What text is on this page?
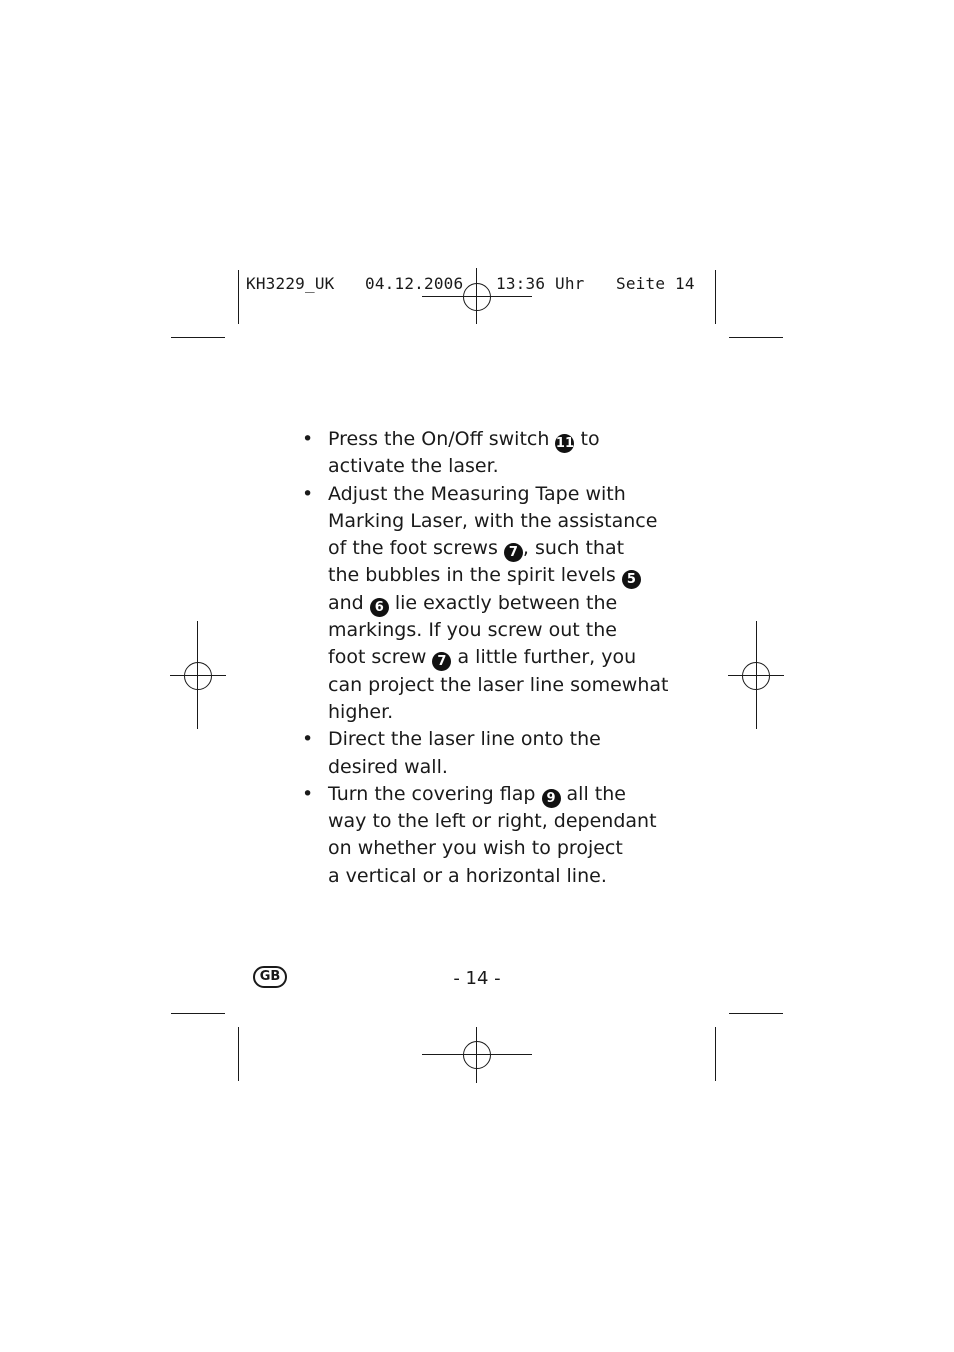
KH3229_UK

04.12.2006

13:36 Uhr

Seite 14

• Press the On/Off switch 11 to
activate the laser.
• Adjust the Measuring Tape with
Marking Laser, with the assistance
of the foot screws 7 , such that
the bubbles in the spirit levels 5
and 6 lie exactly between the
markings. If you screw out the
foot screw 7 a little further, you
can project the laser line somewhat
higher.
• Direct the laser line onto the
desired wall.
• Turn the covering flap 9 all the
way to the left or right, dependant
on whether you wish to project
a vertical or a horizontal line.
GB	- 14 -
